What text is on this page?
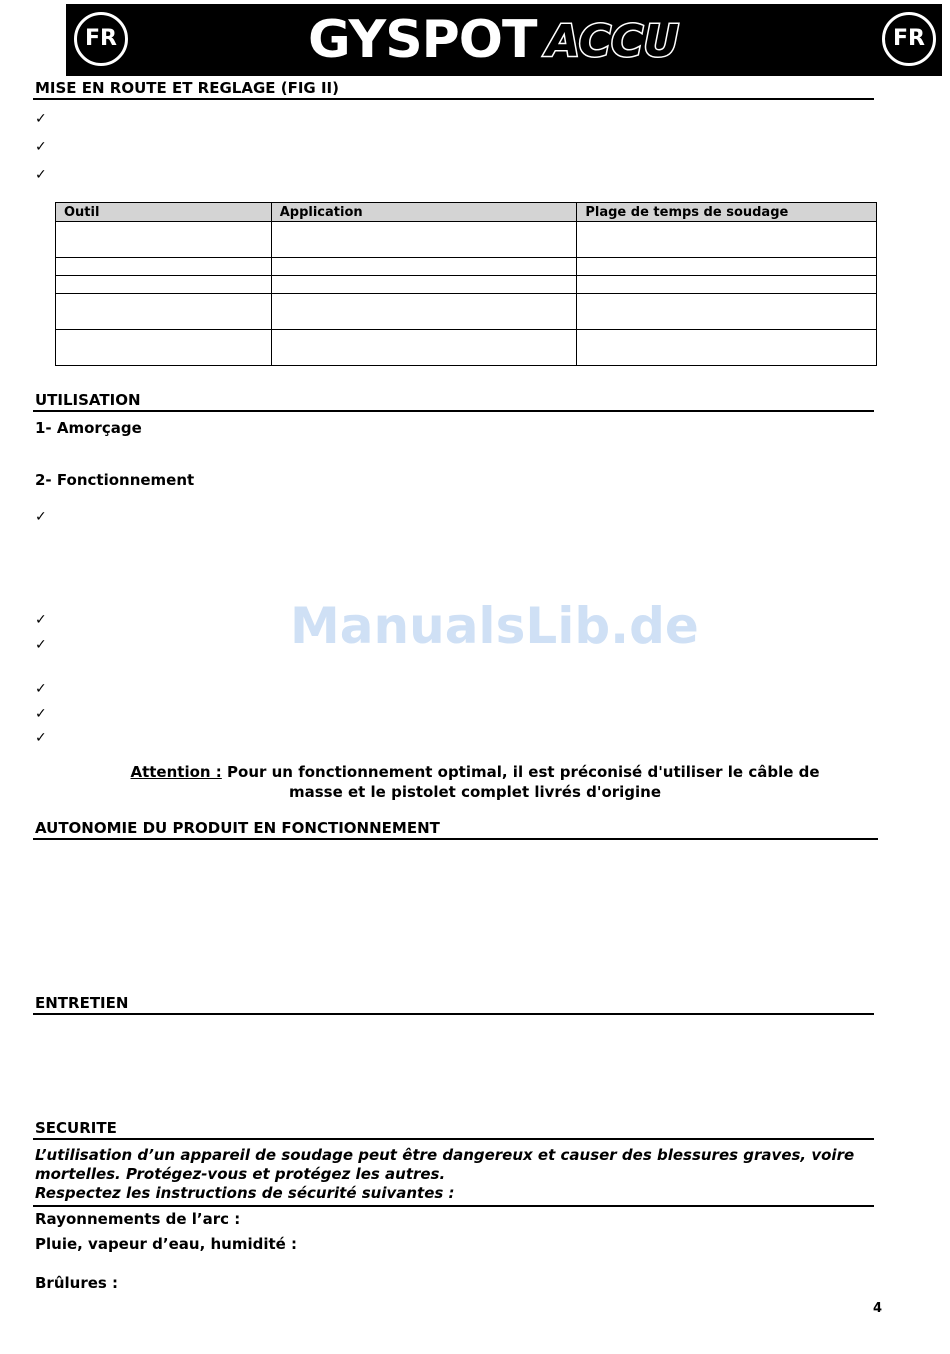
FR	GYSPOT ACCU	FR
MISE EN ROUTE ET REGLAGE (FIG II)
✓
✓
✓
Outil	Application	Plage de temps de soudage

UTILISATION
1- Amorçage
2- Fonctionnement
✓
✓
✓
✓
✓
✓
ManualsLib.de
Attention : Pour un fonctionnement optimal, il est préconisé d'utiliser le câble de
masse et le pistolet complet livrés d'origine
AUTONOMIE DU PRODUIT EN FONCTIONNEMENT
ENTRETIEN
SECURITE
L’utilisation d’un appareil de soudage peut être dangereux et causer des blessures graves, voire
mortelles. Protégez-vous et protégez les autres.
Respectez les instructions de sécurité suivantes :
Rayonnements de l’arc :
Pluie, vapeur d’eau, humidité :
Brûlures :
4
